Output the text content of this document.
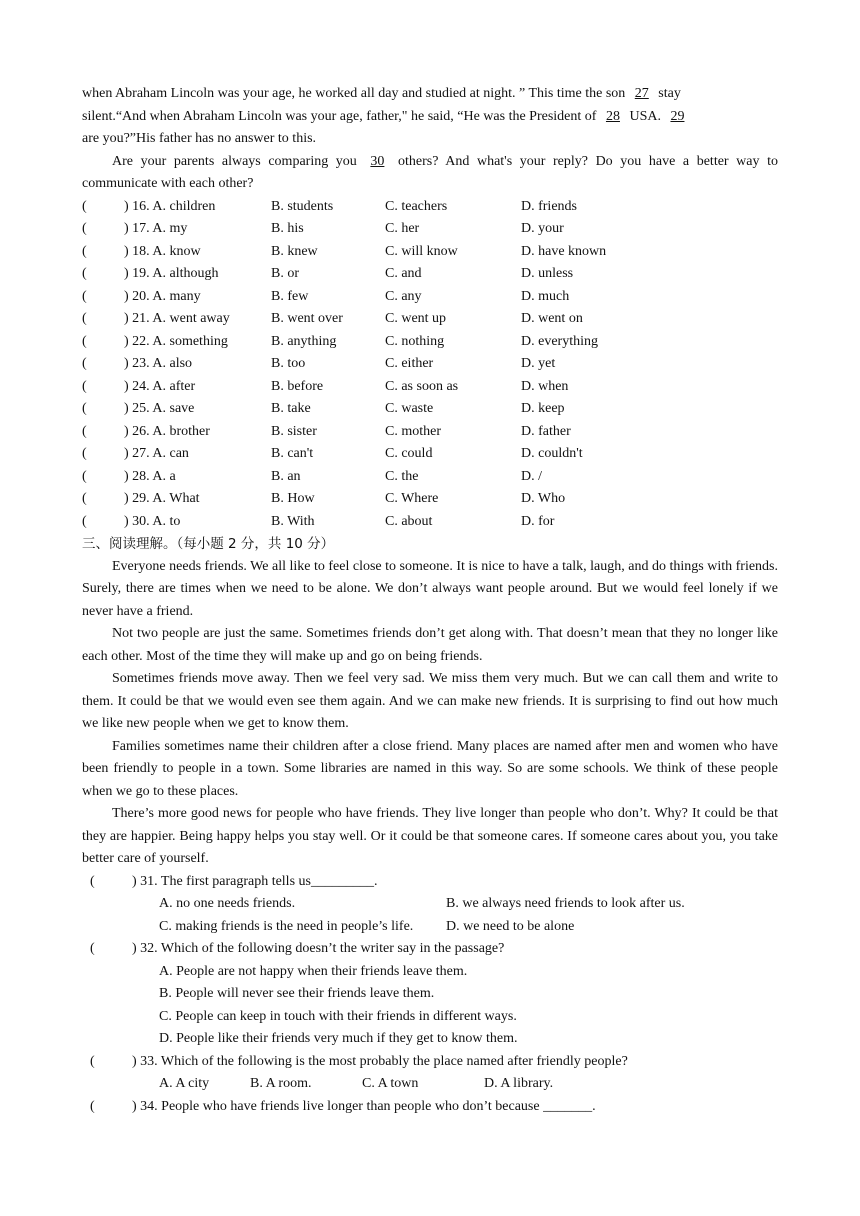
when Abraham Lincoln was your age, he worked all day and studied at night. ” This time the son 27 stay

silent.“And when Abraham Lincoln was your age, father," he said, “He was the President of 28 USA. 29

are you?”His father has no answer to this.

Are your parents always comparing you 30 others? And what's your reply? Do you have a better way to communicate with each other?

(	) 16. A. children	B. students	C. teachers	D. friends
(	) 17. A. my	B. his	C. her	D. your
(	) 18. A. know	B. knew	C. will know	D. have known
(	) 19. A. although	B. or	C. and	D. unless
(	) 20. A. many	B. few	C. any	D. much
(	) 21. A. went away	B. went over	C. went up	D. went on
(	) 22. A. something	B. anything	C. nothing	D. everything
(	) 23. A. also	B. too	C. either	D. yet
(	) 24. A. after	B. before	C. as soon as	D. when
(	) 25. A. save	B. take	C. waste	D. keep
(	) 26. A. brother	B. sister	C. mother	D. father
(	) 27. A. can	B. can't	C. could	D. couldn't
(	) 28. A. a	B. an	C. the	D. /
(	) 29. A. What	B. How	C. Where	D. Who
(	) 30. A. to	B. With	C. about	D. for

三、阅读理解。（每小题 2 分，共 10 分）

Everyone needs friends. We all like to feel close to someone. It is nice to have a talk, laugh, and do things with friends. Surely, there are times when we need to be alone. We don’t always want people around. But we would feel lonely if we never have a friend.

Not two people are just the same. Sometimes friends don’t get along with. That doesn’t mean that they no longer like each other. Most of the time they will make up and go on being friends.

Sometimes friends move away. Then we feel very sad. We miss them very much. But we can call them and write to them. It could be that we would even see them again. And we can make new friends. It is surprising to find out how much we like new people when we get to know them.

Families sometimes name their children after a close friend. Many places are named after men and women who have been friendly to people in a town. Some libraries are named in this way. So are some schools. We think of these people when we go to these places.

There’s more good news for people who have friends. They live longer than people who don’t. Why? It could be that they are happier. Being happy helps you stay well. Or it could be that someone cares. If someone cares about you, you take better care of yourself.

(	) 31. The first paragraph tells us_________.
A. no one needs friends.	B. we always need friends to look after us.
C. making friends is the need in people’s life. D. we need to be alone
(	) 32. Which of the following doesn’t the writer say in the passage?
A. People are not happy when their friends leave them.
B. People will never see their friends leave them.
C. People can keep in touch with their friends in different ways.
D. People like their friends very much if they get to know them.
(	) 33. Which of the following is the most probably the place named after friendly people?
A. A city	B. A room.	C. A town	D. A library.
(	) 34. People who have friends live longer than people who don’t because _______.
